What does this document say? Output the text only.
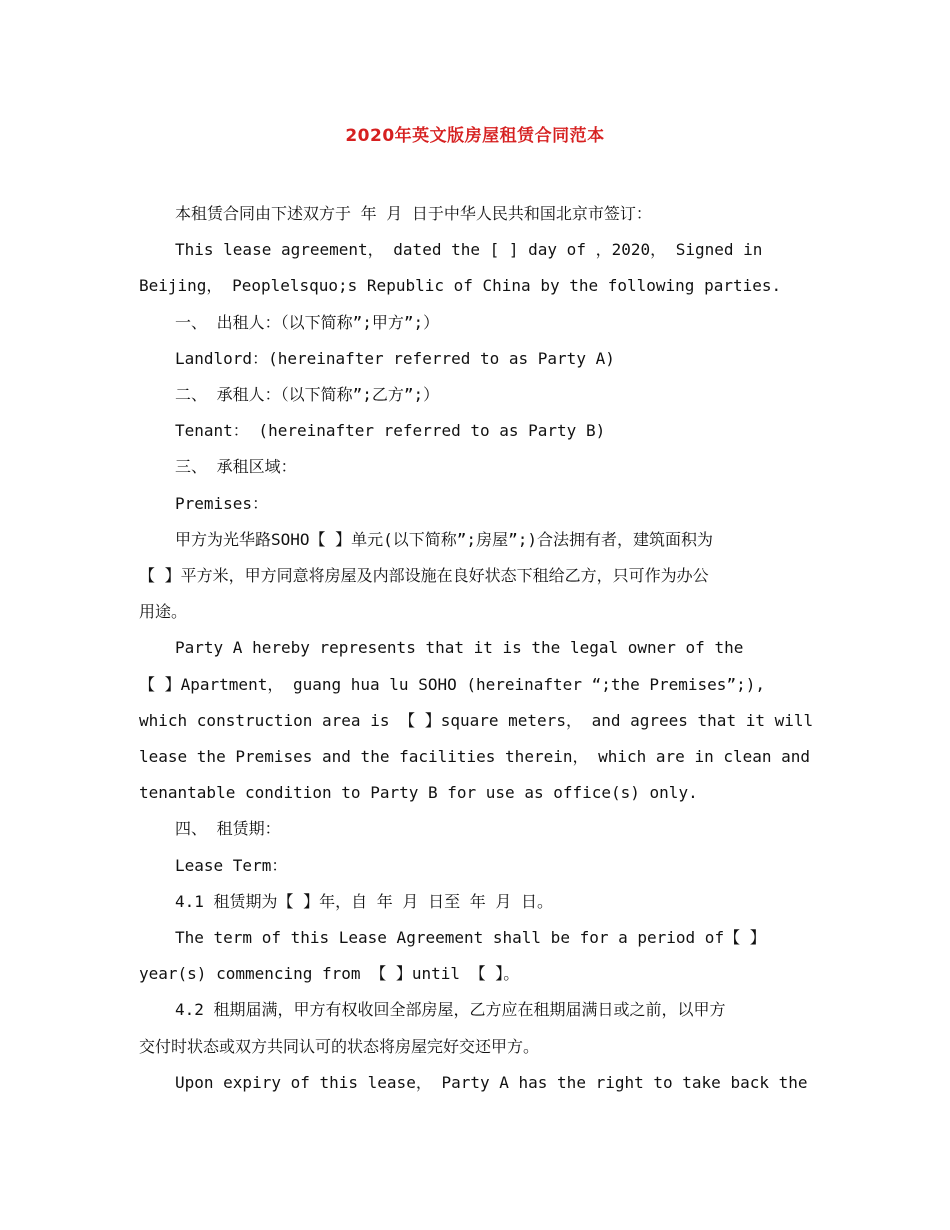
2020年英文版房屋租赁合同范本

本租赁合同由下述双方于 年 月 日于中华人民共和国北京市签订：

This lease agreement， dated the [ ] day of ，2020， Signed in

Beijing， Peoplelsquo;s Republic of China by the following parties.

一、 出租人：（以下简称”;甲方”;）

Landlord：(hereinafter referred to as Party A)

二、 承租人：（以下简称”;乙方”;）

Tenant： (hereinafter referred to as Party B)

三、 承租区域：

Premises：

甲方为光华路SOHO【 】单元(以下简称”;房屋”;)合法拥有者，建筑面积为

【 】平方米，甲方同意将房屋及内部设施在良好状态下租给乙方，只可作为办公

用途。

Party A hereby represents that it is the legal owner of the

【 】Apartment， guang hua lu SOHO (hereinafter “;the Premises”;),

which construction area is 【 】square meters， and agrees that it will

lease the Premises and the facilities therein， which are in clean and

tenantable condition to Party B for use as office(s) only.

四、 租赁期：

Lease Term：

4.1 租赁期为【 】年，自 年 月 日至 年 月 日。

The term of this Lease Agreement shall be for a period of【 】

year(s) commencing from 【 】until 【 】。

4.2 租期届满，甲方有权收回全部房屋，乙方应在租期届满日或之前，以甲方

交付时状态或双方共同认可的状态将房屋完好交还甲方。

Upon expiry of this lease， Party A has the right to take back the
